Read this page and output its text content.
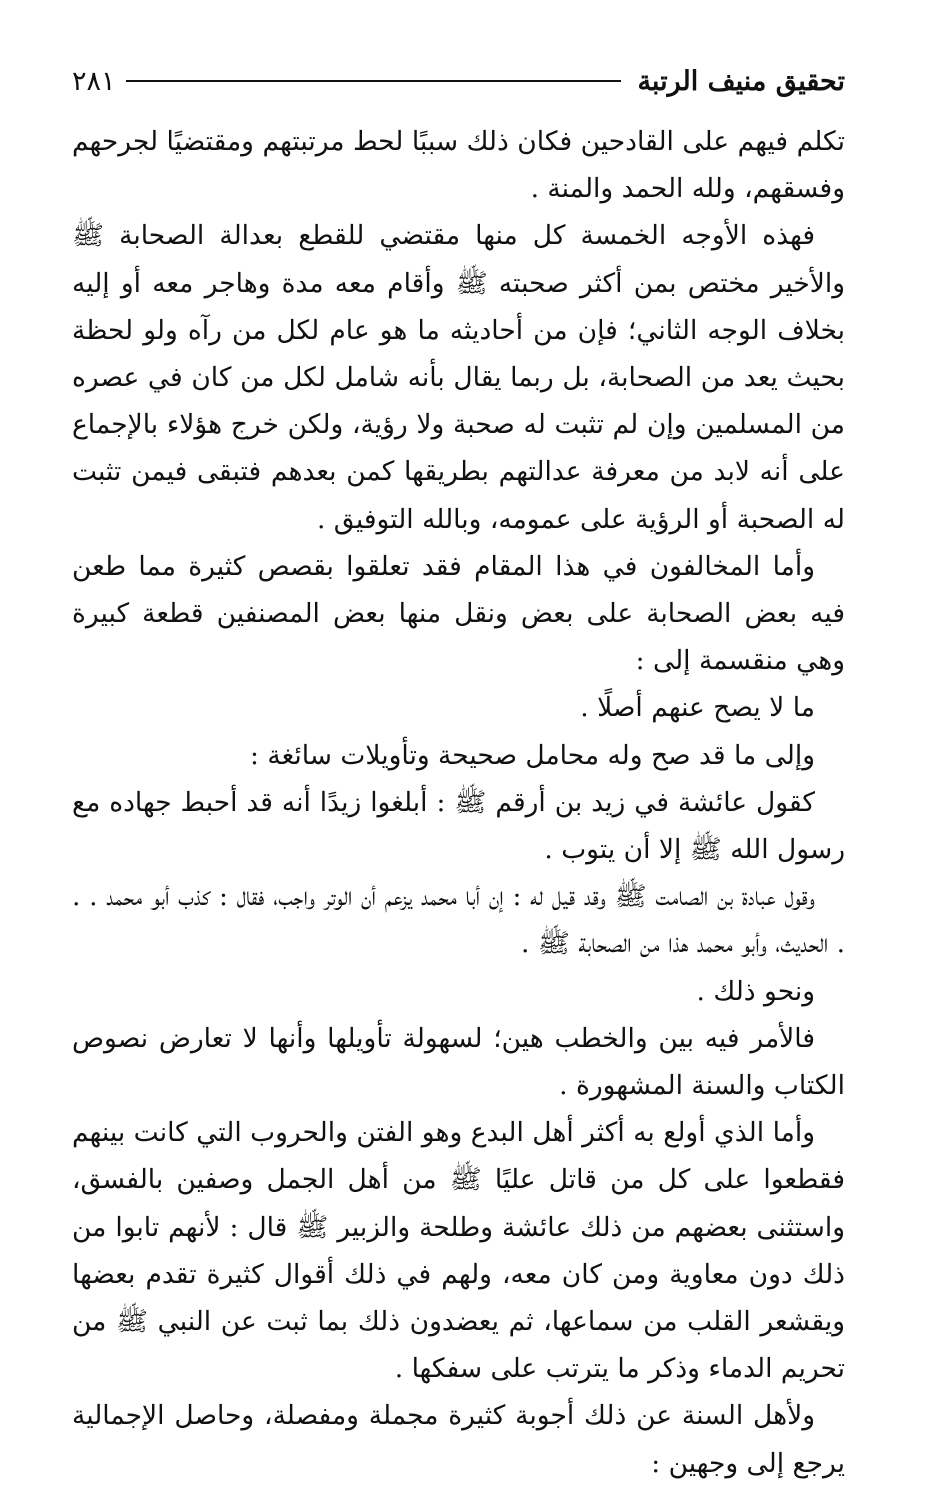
تحقيق منيف الرتبة
٢٨١

تكلم فيهم على القادحين فكان ذلك سببًا لحط مرتبتهم ومقتضيًا لجرحهم وفسقهم، ولله الحمد والمنة .

فهذه الأوجه الخمسة كل منها مقتضي للقطع بعدالة الصحابة ﷺ والأخير مختص بمن أكثر صحبته ﷺ وأقام معه مدة وهاجر معه أو إليه بخلاف الوجه الثاني؛ فإن من أحاديثه ما هو عام لكل من رآه ولو لحظة بحيث يعد من الصحابة، بل ربما يقال بأنه شامل لكل من كان في عصره من المسلمين وإن لم تثبت له صحبة ولا رؤية، ولكن خرج هؤلاء بالإجماع على أنه لابد من معرفة عدالتهم بطريقها كمن بعدهم فتبقى فيمن تثبت له الصحبة أو الرؤية على عمومه، وبالله التوفيق .

وأما المخالفون في هذا المقام فقد تعلقوا بقصص كثيرة مما طعن فيه بعض الصحابة على بعض ونقل منها بعض المصنفين قطعة كبيرة وهي منقسمة إلى :

ما لا يصح عنهم أصلًا .

وإلى ما قد صح وله محامل صحيحة وتأويلات سائغة :

كقول عائشة في زيد بن أرقم ﷺ : أبلغوا زيدًا أنه قد أحبط جهاده مع رسول الله ﷺ إلا أن يتوب .

وقول عبادة بن الصامت ﷺ وقد قيل له : إن أبا محمد يزعم أن الوتر واجب، فقال : كذب أبو محمد . . . الحديث، وأبو محمد هذا من الصحابة ﷺ .

ونحو ذلك .

فالأمر فيه بين والخطب هين؛ لسهولة تأويلها وأنها لا تعارض نصوص الكتاب والسنة المشهورة .

وأما الذي أولع به أكثر أهل البدع وهو الفتن والحروب التي كانت بينهم فقطعوا على كل من قاتل عليًا ﷺ من أهل الجمل وصفين بالفسق، واستثنى بعضهم من ذلك عائشة وطلحة والزبير ﷺ قال : لأنهم تابوا من ذلك دون معاوية ومن كان معه، ولهم في ذلك أقوال كثيرة تقدم بعضها ويقشعر القلب من سماعها، ثم يعضدون ذلك بما ثبت عن النبي ﷺ من تحريم الدماء وذكر ما يترتب على سفكها .

ولأهل السنة عن ذلك أجوبة كثيرة مجملة ومفصلة، وحاصل الإجمالية يرجع إلى وجهين :
